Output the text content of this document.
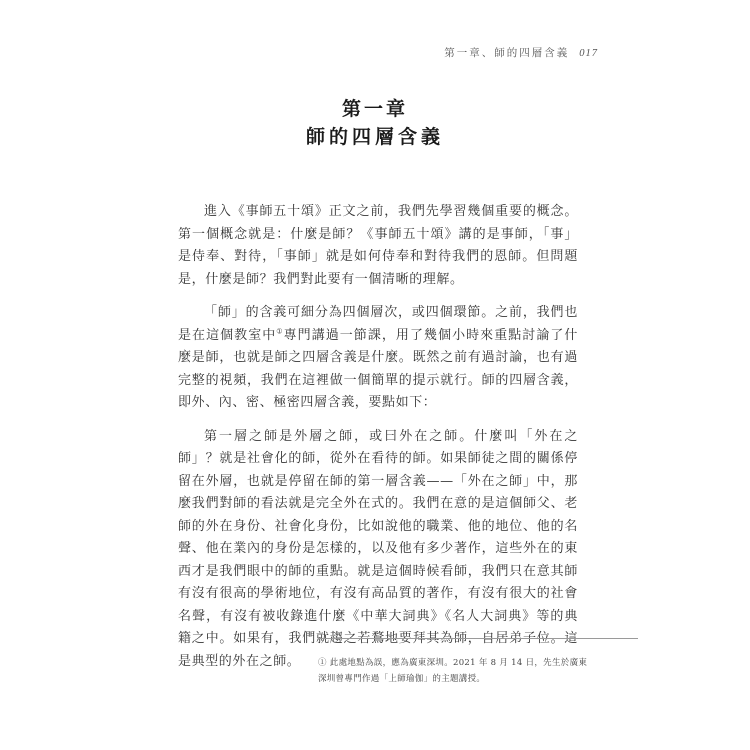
第一章、師的四層含義 017
第一章
師的四層含義

進入《事師五十頌》正文之前，我們先學習幾個重要的概念。第一個概念就是：什麼是師？《事師五十頌》講的是事師，「事」是侍奉、對待，「事師」就是如何侍奉和對待我們的恩師。但問題是，什麼是師？我們對此要有一個清晰的理解。

「師」的含義可細分為四個層次，或四個環節。之前，我們也是在這個教室中①專門講過一節課，用了幾個小時來重點討論了什麼是師，也就是師之四層含義是什麼。既然之前有過討論，也有過完整的視頻，我們在這裡做一個簡單的提示就行。師的四層含義，即外、內、密、極密四層含義，要點如下：

第一層之師是外層之師，或曰外在之師。什麼叫「外在之師」？就是社會化的師，從外在看待的師。如果師徒之間的關係停留在外層，也就是停留在師的第一層含義——「外在之師」中，那麼我們對師的看法就是完全外在式的。我們在意的是這個師父、老師的外在身份、社會化身份，比如說他的職業、他的地位、他的名聲、他在業內的身份是怎樣的，以及他有多少著作，這些外在的東西才是我們眼中的師的重點。就是這個時候看師，我們只在意其師有沒有很高的學術地位，有沒有高品質的著作，有沒有很大的社會名聲，有沒有被收錄進什麼《中華大詞典》《名人大詞典》等的典籍之中。如果有，我們就趨之若鶩地要拜其為師，自居弟子位。這是典型的外在之師。	① 此處地點為誤，應為廣東深圳。2021 年 8 月 14 日，先生於廣東深圳曾專門作過「上師瑜伽」的主題講授。
